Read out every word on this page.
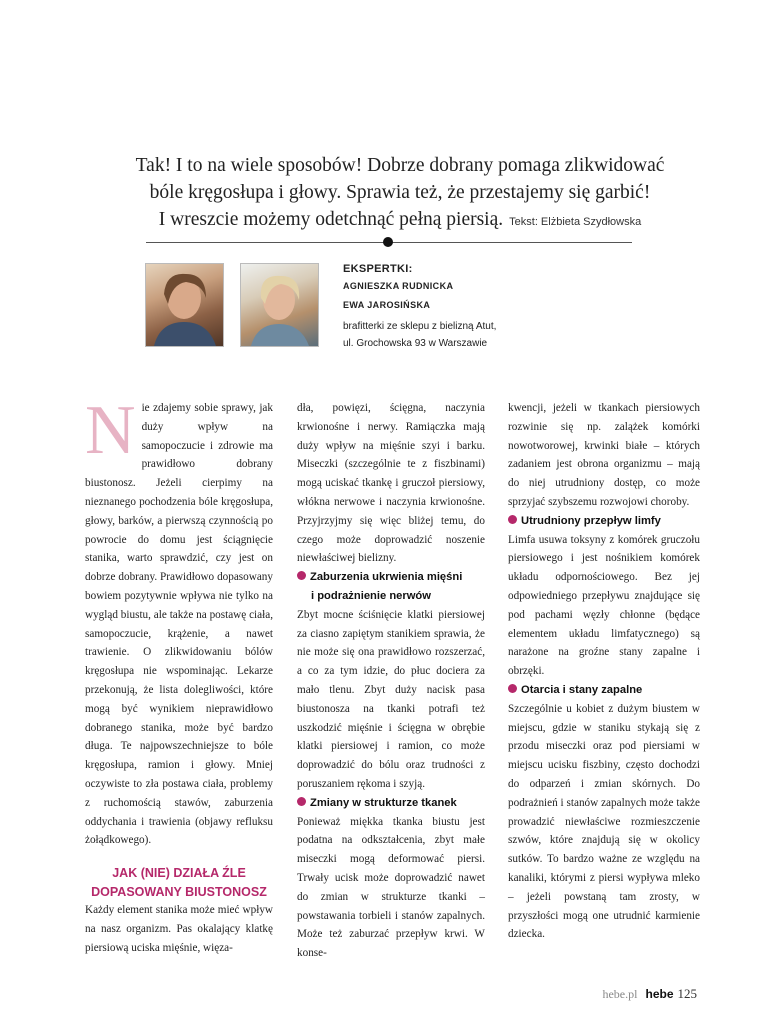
Tak! I to na wiele sposobów! Dobrze dobrany pomaga zlikwidować
bóle kręgosłupa i głowy. Sprawia też, że przestajemy się garbić!
I wreszcie możemy odetchnąć pełną piersią. Tekst: Elżbieta Szydłowska
EKSPERTKI:
AGNIESZKA RUDNICKA
EWA JAROSIŃSKA
brafitterki ze sklepu z bielizną Atut,
ul. Grochowska 93 w Warszawie
N ie zdajemy sobie sprawy, jak duży wpływ na samopoczucie i zdrowie ma prawidłowo dobrany biustonosz. Jeżeli cierpimy na nieznanego pochodzenia bóle kręgosłupa, głowy, barków, a pierwszą czynnością po powrocie do domu jest ściągnięcie stanika, warto sprawdzić, czy jest on dobrze dobrany. Prawidłowo dopasowany bowiem pozytywnie wpływa nie tylko na wygląd biustu, ale także na postawę ciała, samopoczucie, krążenie, a nawet trawienie. O zlikwidowaniu bólów kręgosłupa nie wspominając. Lekarze przekonują, że lista dolegliwości, które mogą być wynikiem nieprawidłowo dobranego stanika, może być bardzo długa. Te najpowszechniejsze to bóle kręgosłupa, ramion i głowy. Mniej oczywiste to zła postawa ciała, problemy z ruchomością stawów, zaburzenia oddychania i trawienia (objawy refluksu żołądkowego).

JAK (NIE) DZIAŁA ŹLE
DOPASOWANY BIUSTONOSZ

Każdy element stanika może mieć wpływ na nasz organizm. Pas okalający klatkę piersiową uciska mięśnie, więza-

dła, powięzi, ścięgna, naczynia krwionośne i nerwy. Ramiączka mają duży wpływ na mięśnie szyi i barku. Miseczki (szczególnie te z fiszbinami) mogą uciskać tkankę i gruczoł piersiowy, włókna nerwowe i naczynia krwionośne. Przyjrzyjmy się więc bliżej temu, do czego może doprowadzić noszenie niewłaściwej bielizny.

Zaburzenia ukrwienia mięśni
i podrażnienie nerwów

Zbyt mocne ściśnięcie klatki piersiowej za ciasno zapiętym stanikiem sprawia, że nie może się ona prawidłowo rozszerzać, a co za tym idzie, do płuc dociera za mało tlenu. Zbyt duży nacisk pasa biustonosza na tkanki potrafi też uszkodzić mięśnie i ścięgna w obrębie klatki piersiowej i ramion, co może doprowadzić do bólu oraz trudności z poruszaniem rękoma i szyją.

Zmiany w strukturze tkanek

Ponieważ miękka tkanka biustu jest podatna na odkształcenia, zbyt małe miseczki mogą deformować piersi. Trwały ucisk może doprowadzić nawet do zmian w strukturze tkanki – powstawania torbieli i stanów zapalnych. Może też zaburzać przepływ krwi. W konse-

kwencji, jeżeli w tkankach piersiowych rozwinie się np. zalążek komórki nowotworowej, krwinki białe – których zadaniem jest obrona organizmu – mają do niej utrudniony dostęp, co może sprzyjać szybszemu rozwojowi choroby.

Utrudniony przepływ limfy

Limfa usuwa toksyny z komórek gruczołu piersiowego i jest nośnikiem komórek układu odpornościowego. Bez jej odpowiedniego przepływu znajdujące się pod pachami węzły chłonne (będące elementem układu limfatycznego) są narażone na groźne stany zapalne i obrzęki.

Otarcia i stany zapalne

Szczególnie u kobiet z dużym biustem w miejscu, gdzie w staniku stykają się z przodu miseczki oraz pod piersiami w miejscu ucisku fiszbiny, często dochodzi do odparzeń i zmian skórnych. Do podrażnień i stanów zapalnych może także prowadzić niewłaściwe rozmieszczenie szwów, które znajdują się w okolicy sutków. To bardzo ważne ze względu na kanaliki, którymi z piersi wypływa mleko – jeżeli powstaną tam zrosty, w przyszłości mogą one utrudnić karmienie dziecka.

hebe.pl hebe 125
